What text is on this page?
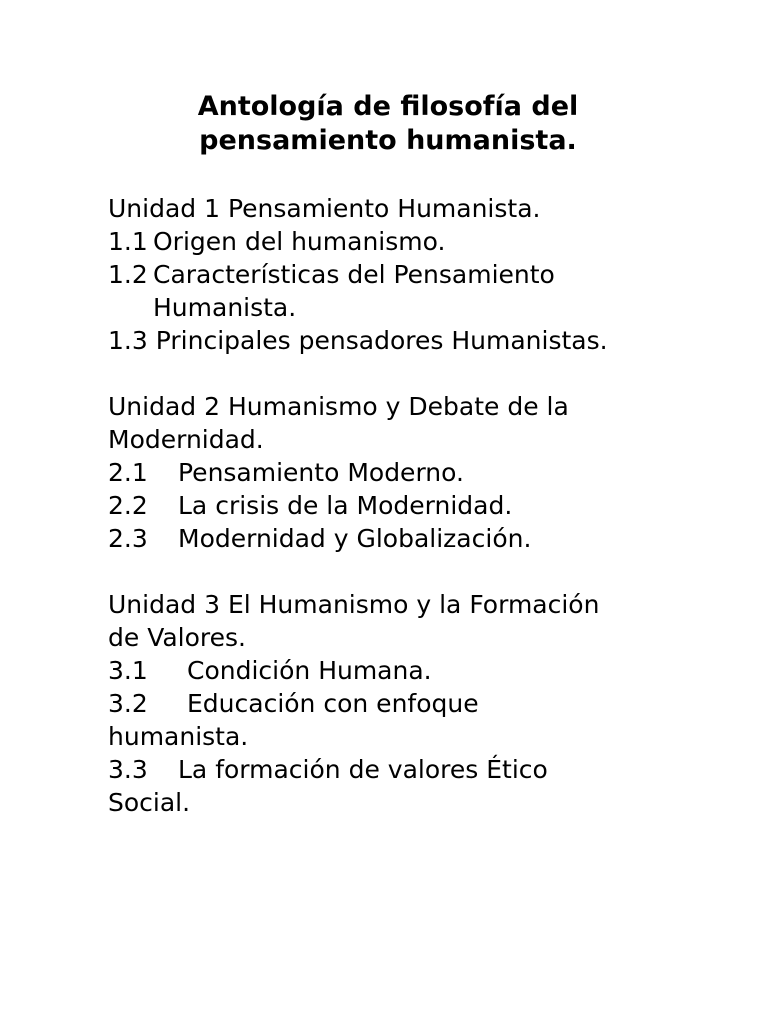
Antología de filosofía del
pensamiento humanista.
Unidad 1 Pensamiento Humanista.
1.1 Origen del humanismo.
1.2 Características del Pensamiento
Humanista.
1.3 Principales pensadores Humanistas.
Unidad 2 Humanismo y Debate de la
Modernidad.
2.1	Pensamiento Moderno.
2.2	La crisis de la Modernidad.
2.3	Modernidad y Globalización.
Unidad 3 El Humanismo y la Formación
de Valores.
3.1	Condición Humana.
3.2	Educación con enfoque
humanista.
3.3	La formación de valores Ético
Social.
